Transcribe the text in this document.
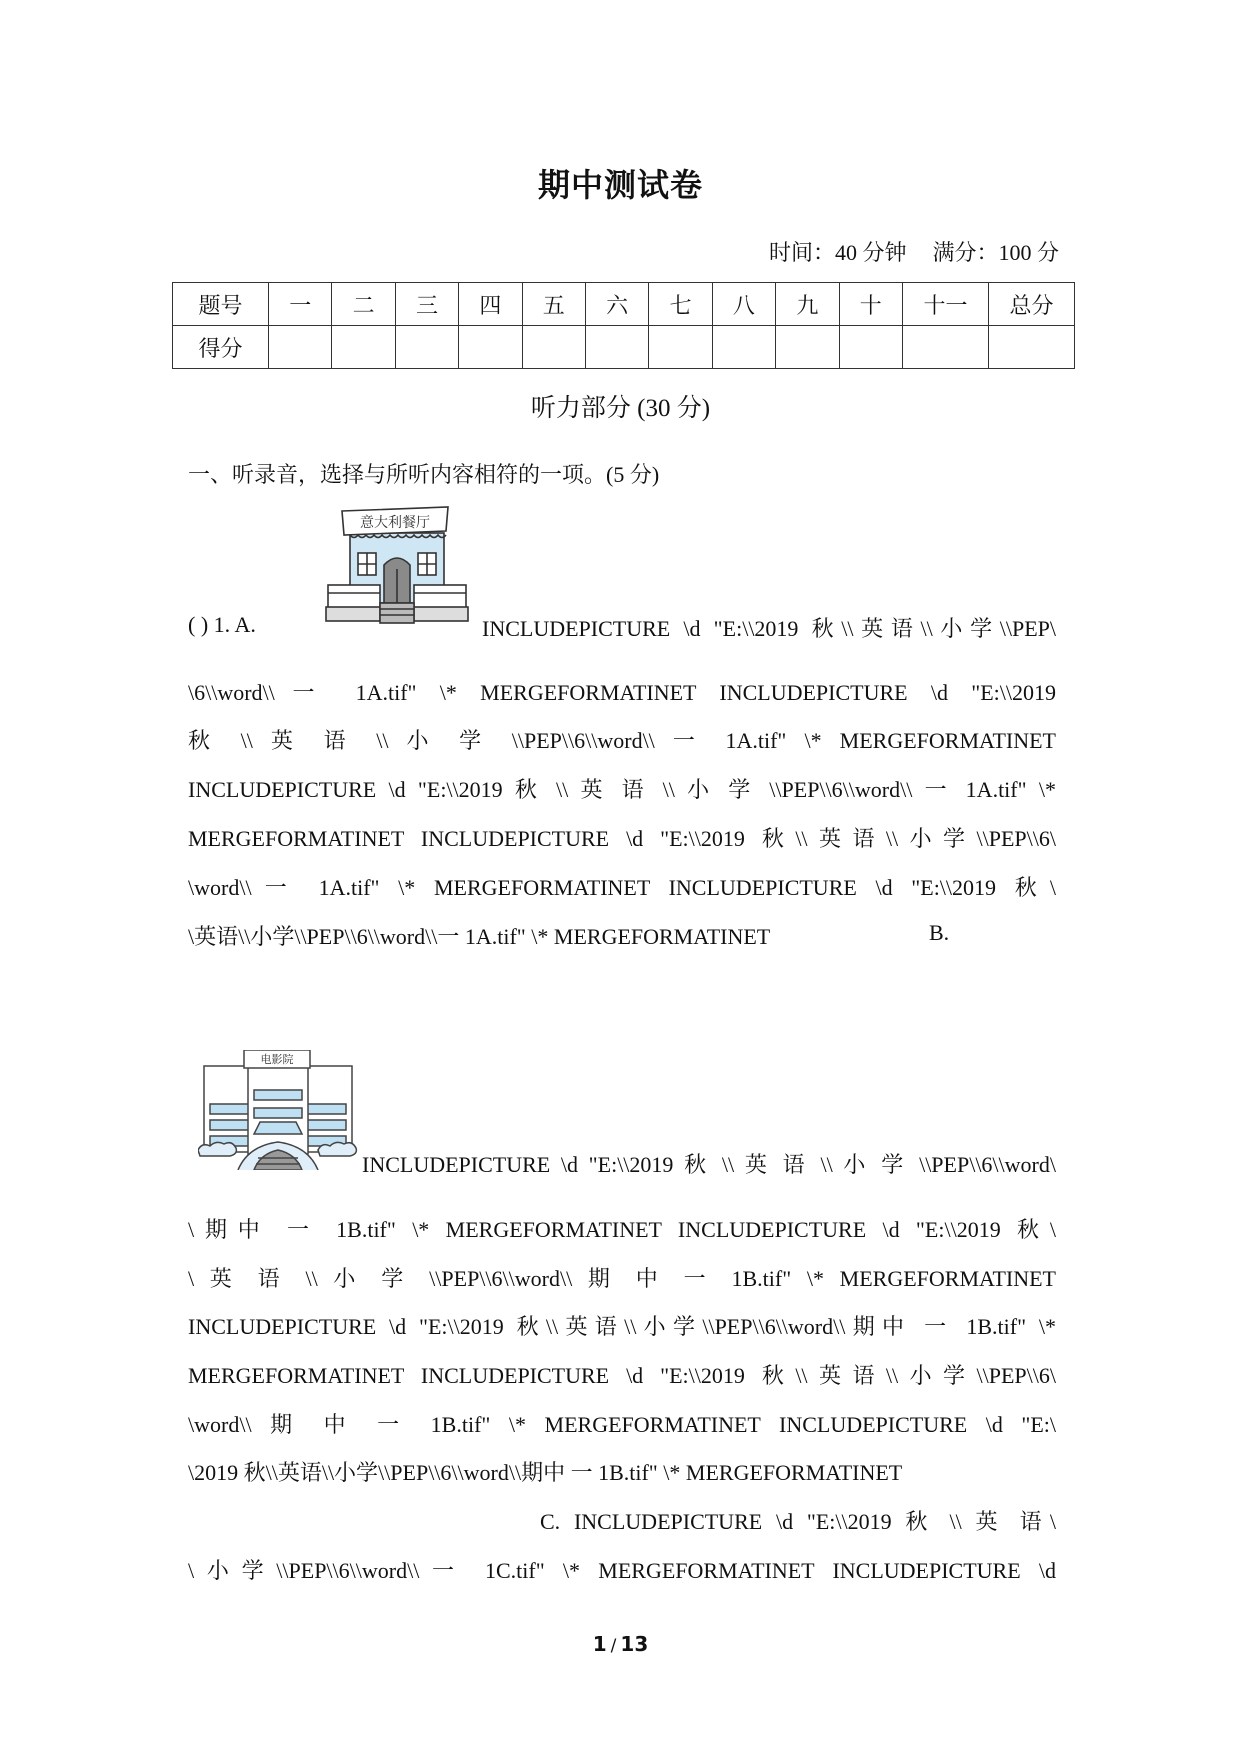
期中测试卷
时间：40 分钟 满分：100 分
题号	一	二	三	四	五	六	七	八	九	十	十一	总分
得分												
听力部分 (30 分)
一、听录音，选择与所听内容相符的一项。(5 分)
意大利餐厅
( ) 1. A.	INCLUDEPICTURE \d "E:\\2019 秋\\英语\\小学\\PEP\
\6\\word\\一 1A.tif" \* MERGEFORMATINET INCLUDEPICTURE \d "E:\\2019
秋 \\ 英 语 \\ 小 学 \\PEP\\6\\word\\ 一 1A.tif" \* MERGEFORMATINET
INCLUDEPICTURE \d "E:\\2019 秋 \\ 英 语 \\ 小 学 \\PEP\\6\\word\\ 一 1A.tif" \*
MERGEFORMATINET INCLUDEPICTURE \d "E:\\2019 秋\\英语\\小学\\PEP\\6\
\word\\一 1A.tif" \* MERGEFORMATINET INCLUDEPICTURE \d "E:\\2019 秋\
\英语\\小学\\PEP\\6\\word\\一 1A.tif" \* MERGEFORMATINET	B.
电影院
INCLUDEPICTURE \d "E:\\2019 秋 \\ 英 语 \\ 小 学 \\PEP\\6\\word\
\期中 一 1B.tif" \* MERGEFORMATINET INCLUDEPICTURE \d "E:\\2019 秋\
\ 英 语 \\ 小 学 \\PEP\\6\\word\\ 期 中 一 1B.tif" \* MERGEFORMATINET
INCLUDEPICTURE \d "E:\\2019 秋\\英语\\小学\\PEP\\6\\word\\期中 一 1B.tif" \*
MERGEFORMATINET INCLUDEPICTURE \d "E:\\2019 秋\\英语\\小学\\PEP\\6\
\word\\ 期 中 一 1B.tif" \* MERGEFORMATINET INCLUDEPICTURE \d "E:\
\2019 秋\\英语\\小学\\PEP\\6\\word\\期中 一 1B.tif" \* MERGEFORMATINET
C. INCLUDEPICTURE \d "E:\\2019 秋 \\ 英 语\
\小学\\PEP\\6\\word\\一 1C.tif" \* MERGEFORMATINET INCLUDEPICTURE \d
1 / 13
